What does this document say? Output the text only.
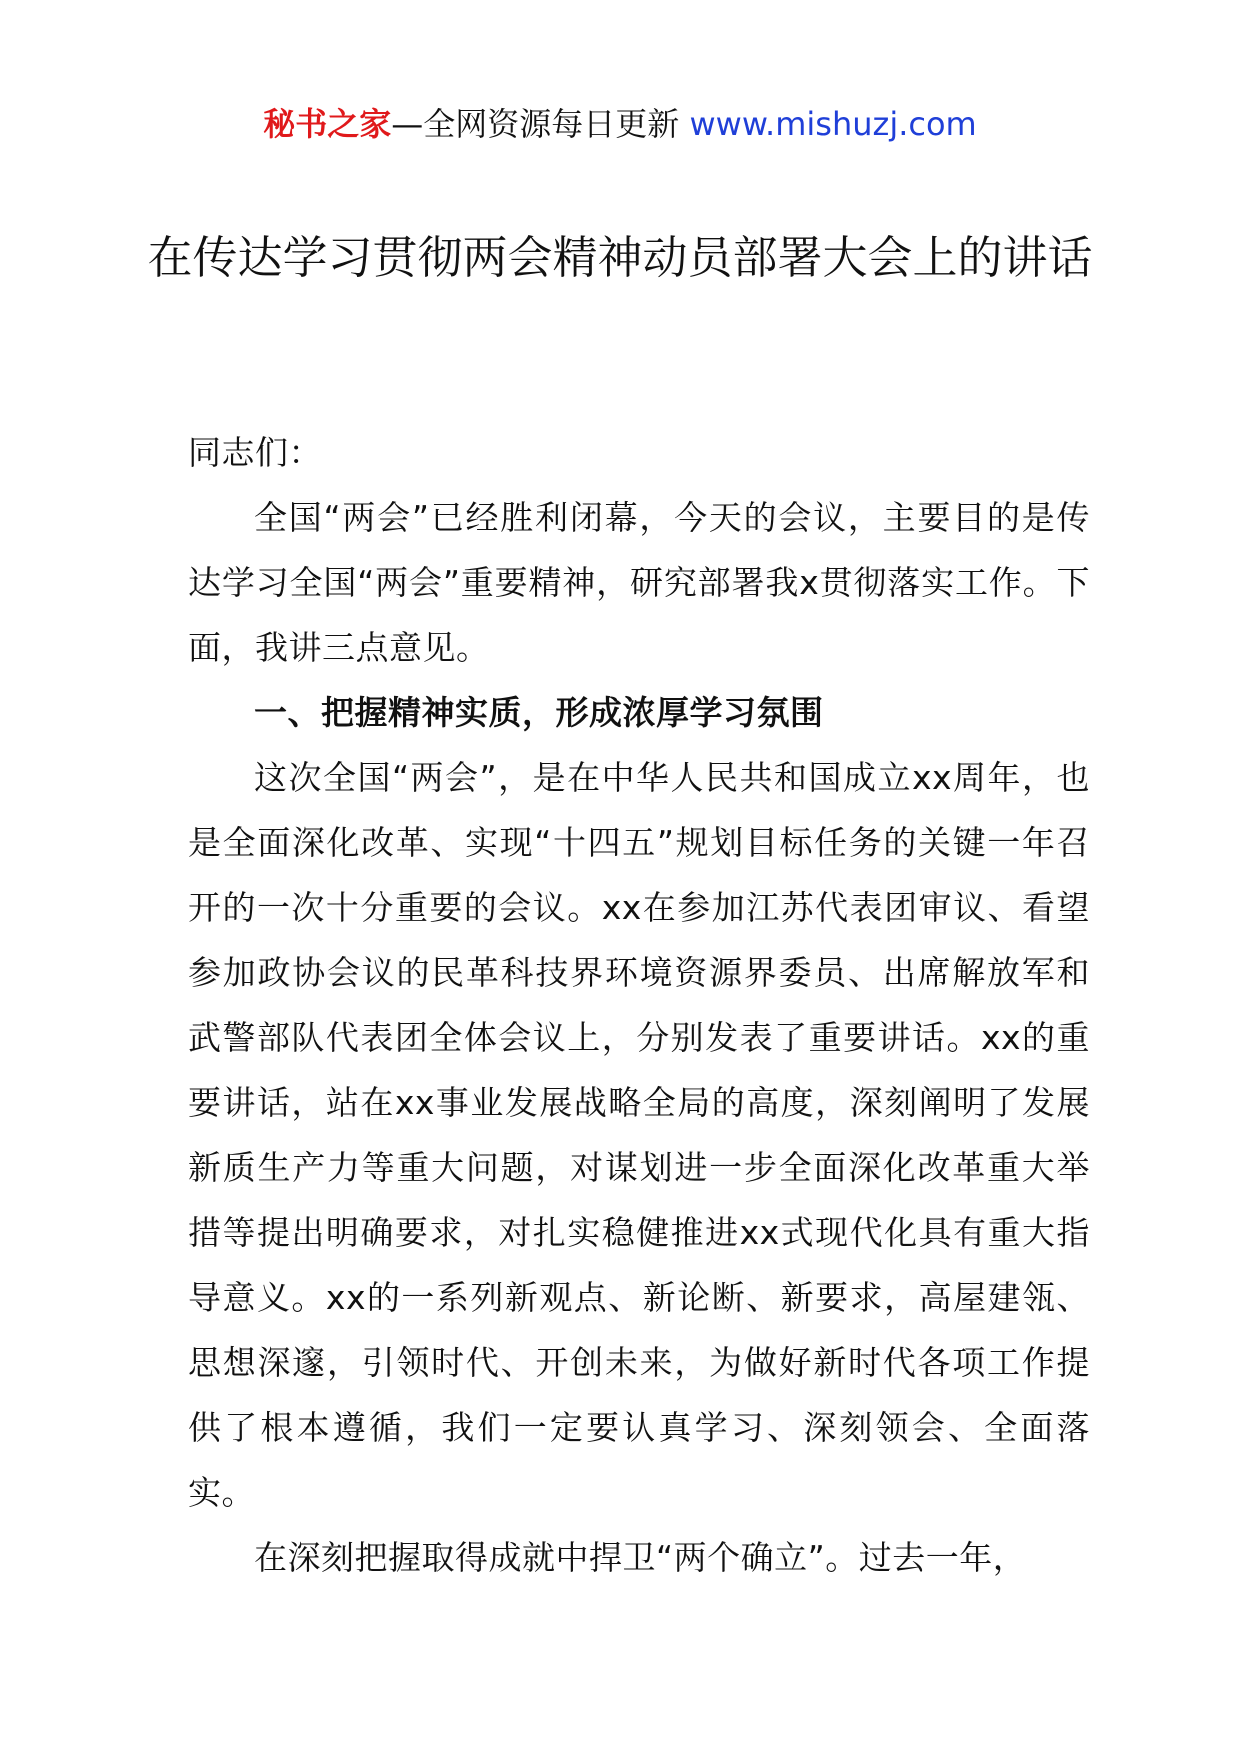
秘书之家—全网资源每日更新 www.mishuzj.com
在传达学习贯彻两会精神动员部署大会上的讲话

同志们：

全国“两会”已经胜利闭幕，今天的会议，主要目的是传达学习全国“两会”重要精神，研究部署我x贯彻落实工作。下面，我讲三点意见。

一、把握精神实质，形成浓厚学习氛围

这次全国“两会”，是在中华人民共和国成立xx周年，也是全面深化改革、实现“十四五”规划目标任务的关键一年召开的一次十分重要的会议。xx在参加江苏代表团审议、看望参加政协会议的民革科技界环境资源界委员、出席解放军和武警部队代表团全体会议上，分别发表了重要讲话。xx的重要讲话，站在xx事业发展战略全局的高度，深刻阐明了发展新质生产力等重大问题，对谋划进一步全面深化改革重大举措等提出明确要求，对扎实稳健推进xx式现代化具有重大指导意义。xx的一系列新观点、新论断、新要求，高屋建瓴、思想深邃，引领时代、开创未来，为做好新时代各项工作提供了根本遵循，我们一定要认真学习、深刻领会、全面落实。

在深刻把握取得成就中捍卫“两个确立”。过去一年，
